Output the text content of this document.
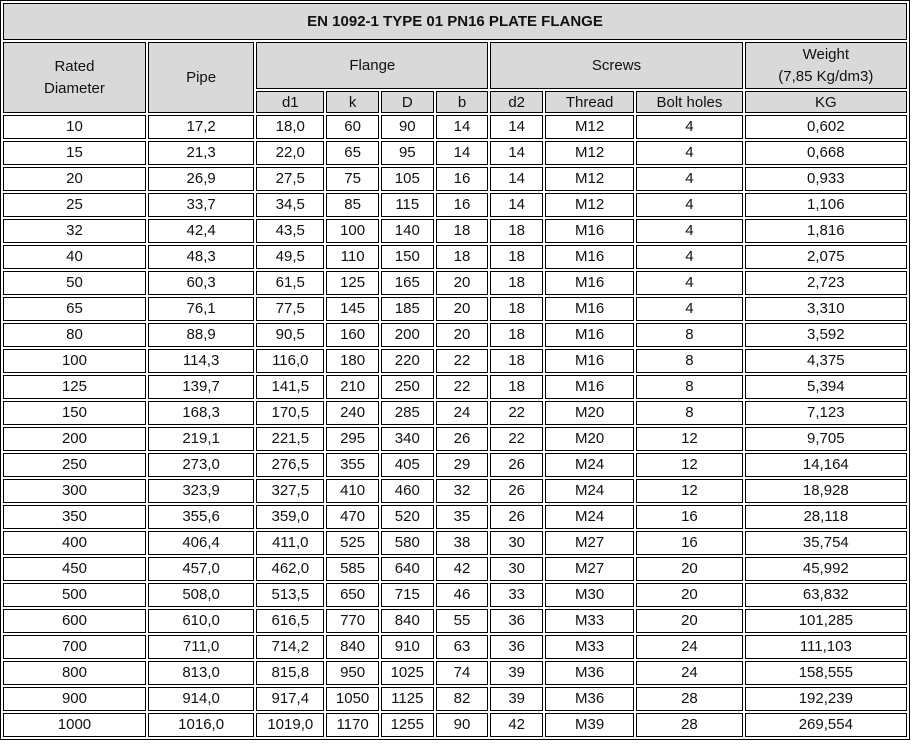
EN 1092-1 TYPE 01 PN16 PLATE FLANGE									
Rated
Diameter	Pipe	Flange				Screws			Weight
(7,85 Kg/dm3)
		d1	k	D	b	d2	Thread	Bolt holes	KG
10	17,2	18,0	60	90	14	14	M12	4	0,602
15	21,3	22,0	65	95	14	14	M12	4	0,668
20	26,9	27,5	75	105	16	14	M12	4	0,933
25	33,7	34,5	85	115	16	14	M12	4	1,106
32	42,4	43,5	100	140	18	18	M16	4	1,816
40	48,3	49,5	110	150	18	18	M16	4	2,075
50	60,3	61,5	125	165	20	18	M16	4	2,723
65	76,1	77,5	145	185	20	18	M16	4	3,310
80	88,9	90,5	160	200	20	18	M16	8	3,592
100	114,3	116,0	180	220	22	18	M16	8	4,375
125	139,7	141,5	210	250	22	18	M16	8	5,394
150	168,3	170,5	240	285	24	22	M20	8	7,123
200	219,1	221,5	295	340	26	22	M20	12	9,705
250	273,0	276,5	355	405	29	26	M24	12	14,164
300	323,9	327,5	410	460	32	26	M24	12	18,928
350	355,6	359,0	470	520	35	26	M24	16	28,118
400	406,4	411,0	525	580	38	30	M27	16	35,754
450	457,0	462,0	585	640	42	30	M27	20	45,992
500	508,0	513,5	650	715	46	33	M30	20	63,832
600	610,0	616,5	770	840	55	36	M33	20	101,285
700	711,0	714,2	840	910	63	36	M33	24	111,103
800	813,0	815,8	950	1025	74	39	M36	24	158,555
900	914,0	917,4	1050	1125	82	39	M36	28	192,239
1000	1016,0	1019,0	1170	1255	90	42	M39	28	269,554
